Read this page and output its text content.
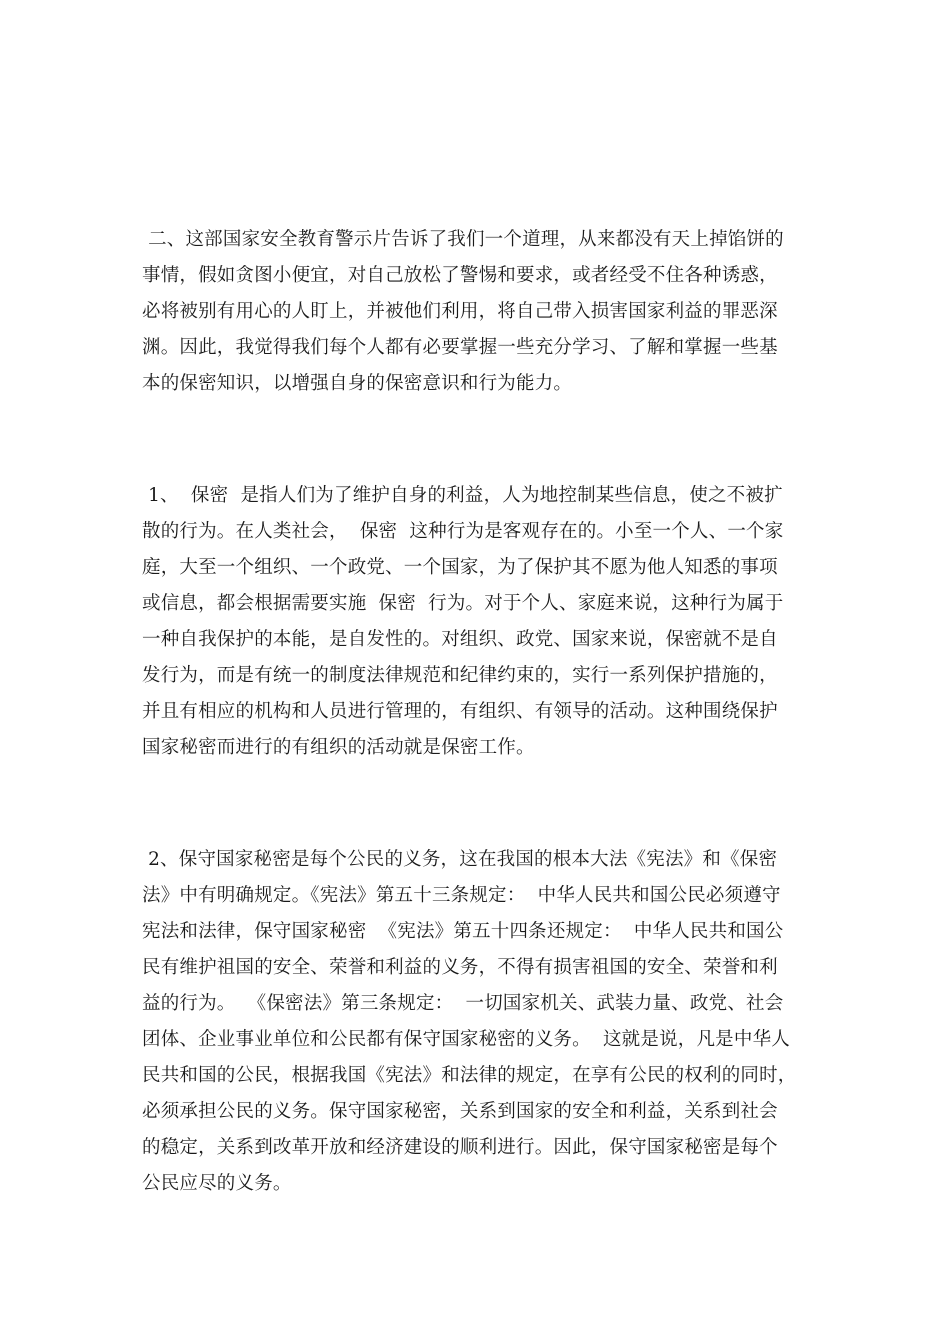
二、这部国家安全教育警示片告诉了我们一个道理，从来都没有天上掉馅饼的
事情，假如贪图小便宜，对自己放松了警惕和要求，或者经受不住各种诱惑，
必将被别有用心的人盯上，并被他们利用，将自己带入损害国家利益的罪恶深
渊。因此，我觉得我们每个人都有必要掌握一些充分学习、了解和掌握一些基
本的保密知识，以增强自身的保密意识和行为能力。
1、  保密  是指人们为了维护自身的利益，人为地控制某些信息，使之不被扩
散的行为。在人类社会，  保密  这种行为是客观存在的。小至一个人、一个家
庭，大至一个组织、一个政党、一个国家，为了保护其不愿为他人知悉的事项
或信息，都会根据需要实施  保密  行为。对于个人、家庭来说，这种行为属于
一种自我保护的本能，是自发性的。对组织、政党、国家来说，保密就不是自
发行为，而是有统一的制度法律规范和纪律约束的，实行一系列保护措施的，
并且有相应的机构和人员进行管理的，有组织、有领导的活动。这种围绕保护
国家秘密而进行的有组织的活动就是保密工作。
2、保守国家秘密是每个公民的义务，这在我国的根本大法《宪法》和《保密
法》中有明确规定。《宪法》第五十三条规定：  中华人民共和国公民必须遵守
宪法和法律，保守国家秘密  《宪法》第五十四条还规定：  中华人民共和国公
民有维护祖国的安全、荣誉和利益的义务，不得有损害祖国的安全、荣誉和利
益的行为。  《保密法》第三条规定：  一切国家机关、武装力量、政党、社会
团体、企业事业单位和公民都有保守国家秘密的义务。  这就是说，凡是中华人
民共和国的公民，根据我国《宪法》和法律的规定，在享有公民的权利的同时，
必须承担公民的义务。保守国家秘密，关系到国家的安全和利益，关系到社会
的稳定，关系到改革开放和经济建设的顺利进行。因此，保守国家秘密是每个
公民应尽的义务。
